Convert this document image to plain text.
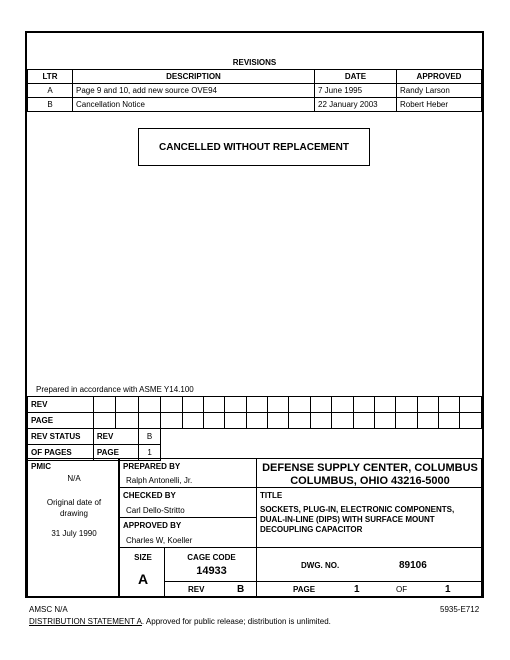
REVISIONS
LTR	DESCRIPTION	DATE	APPROVED
A	Page 9 and 10, add new source OVE94	7 June 1995	Randy Larson
B	Cancellation Notice	22 January 2003	Robert Heber
CANCELLED WITHOUT REPLACEMENT
Prepared in accordance with ASME Y14.100
REV																		
PAGE																		
REV STATUS	REV		B															
OF PAGES	PAGE		1															
PMIC
N/A
Original date of drawing
31 July 1990
PREPARED BY
Ralph Antonelli, Jr.
CHECKED BY
Carl Dello-Stritto
APPROVED BY
Charles W, Koeller
DEFENSE SUPPLY CENTER, COLUMBUS
COLUMBUS, OHIO 43216-5000
TITLE
SOCKETS, PLUG-IN, ELECTRONIC COMPONENTS, DUAL-IN-LINE (DIPS) WITH SURFACE MOUNT DECOUPLING CAPACITOR
SIZE
A
CAGE CODE
14933	DWG. NO.	89106
REV	B	PAGE	1	OF	1
AMSC N/A	5935-E712
DISTRIBUTION STATEMENT A. Approved for public release; distribution is unlimited.
